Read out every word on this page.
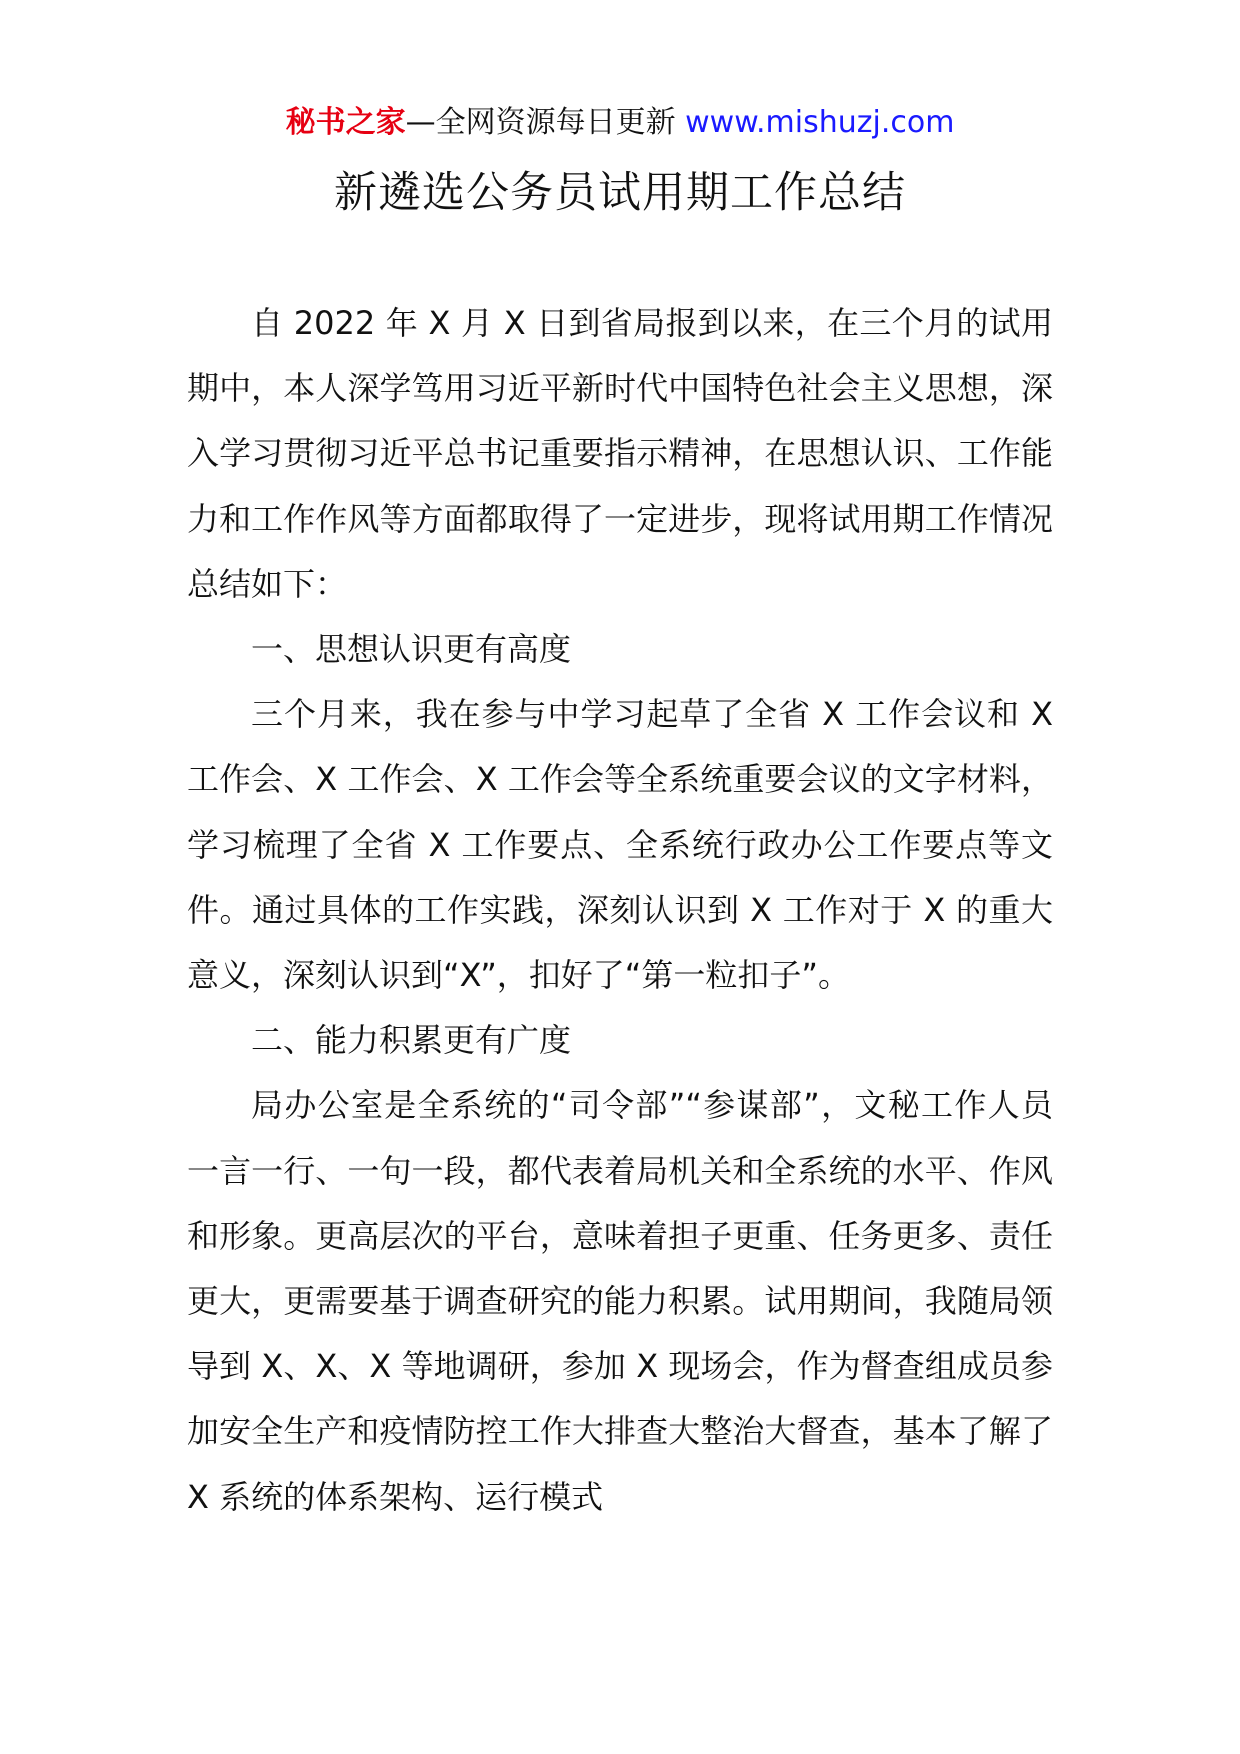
秘书之家—全网资源每日更新 www.mishuzj.com
新遴选公务员试用期工作总结

自 2022 年 X 月 X 日到省局报到以来，在三个月的试用期中，本人深学笃用习近平新时代中国特色社会主义思想，深入学习贯彻习近平总书记重要指示精神，在思想认识、工作能力和工作作风等方面都取得了一定进步，现将试用期工作情况总结如下：

一、思想认识更有高度

三个月来，我在参与中学习起草了全省 X 工作会议和 X 工作会、X 工作会、X 工作会等全系统重要会议的文字材料，学习梳理了全省 X 工作要点、全系统行政办公工作要点等文件。通过具体的工作实践，深刻认识到 X 工作对于 X 的重大意义，深刻认识到“X”，扣好了“第一粒扣子”。

二、能力积累更有广度

局办公室是全系统的“司令部”“参谋部”，文秘工作人员一言一行、一句一段，都代表着局机关和全系统的水平、作风和形象。更高层次的平台，意味着担子更重、任务更多、责任更大，更需要基于调查研究的能力积累。试用期间，我随局领导到 X、X、X 等地调研，参加 X 现场会，作为督查组成员参加安全生产和疫情防控工作大排查大整治大督查，基本了解了 X 系统的体系架构、运行模式
